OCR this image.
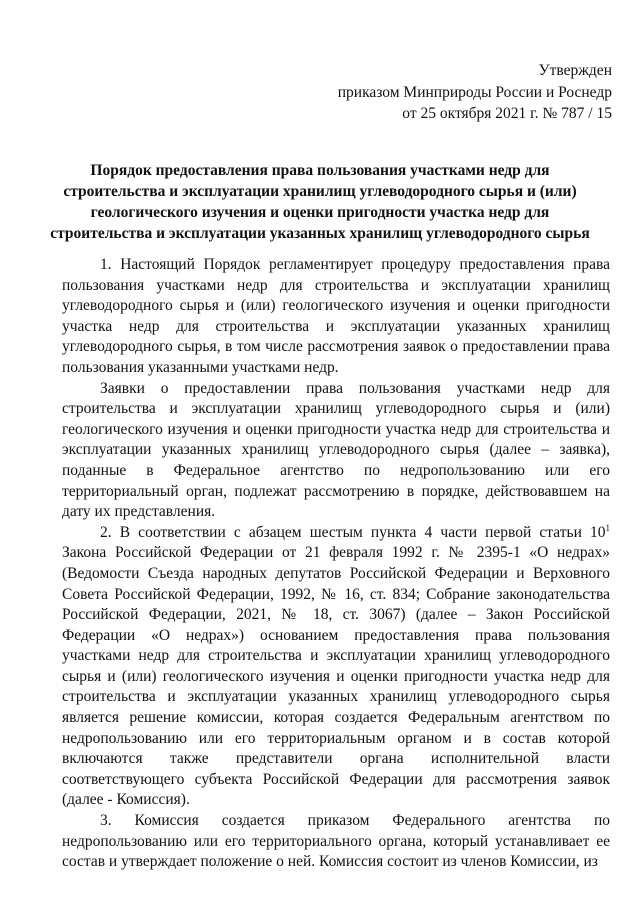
Утвержден
приказом Минприроды России и Роснедр
от 25 октября 2021 г. № 787 / 15
Порядок предоставления права пользования участками недр для
строительства и эксплуатации хранилищ углеводородного сырья и (или)
геологического изучения и оценки пригодности участка недр для
строительства и эксплуатации указанных хранилищ углеводородного сырья

1. Настоящий Порядок регламентирует процедуру предоставления права пользования участками недр для строительства и эксплуатации хранилищ углеводородного сырья и (или) геологического изучения и оценки пригодности участка недр для строительства и эксплуатации указанных хранилищ углеводородного сырья, в том числе рассмотрения заявок о предоставлении права пользования указанными участками недр.

Заявки о предоставлении права пользования участками недр для строительства и эксплуатации хранилищ углеводородного сырья и (или) геологического изучения и оценки пригодности участка недр для строительства и эксплуатации указанных хранилищ углеводородного сырья (далее – заявка), поданные в Федеральное агентство по недропользованию или его территориальный орган, подлежат рассмотрению в порядке, действовавшем на дату их представления.

2. В соответствии с абзацем шестым пункта 4 части первой статьи $10^1$ Закона Российской Федерации от 21 февраля 1992 г. № 2395-1 «О недрах» (Ведомости Съезда народных депутатов Российской Федерации и Верховного Совета Российской Федерации, 1992, № 16, ст. 834; Собрание законодательства Российской Федерации, 2021, № 18, ст. 3067) (далее – Закон Российской Федерации «О недрах») основанием предоставления права пользования участками недр для строительства и эксплуатации хранилищ углеводородного сырья и (или) геологического изучения и оценки пригодности участка недр для строительства и эксплуатации указанных хранилищ углеводородного сырья является решение комиссии, которая создается Федеральным агентством по недропользованию или его территориальным органом и в состав которой включаются также представители органа исполнительной власти соответствующего субъекта Российской Федерации для рассмотрения заявок (далее - Комиссия).

3. Комиссия создается приказом Федерального агентства по недропользованию или его территориального органа, который устанавливает ее состав и утверждает положение о ней. Комиссия состоит из членов Комиссии, из
